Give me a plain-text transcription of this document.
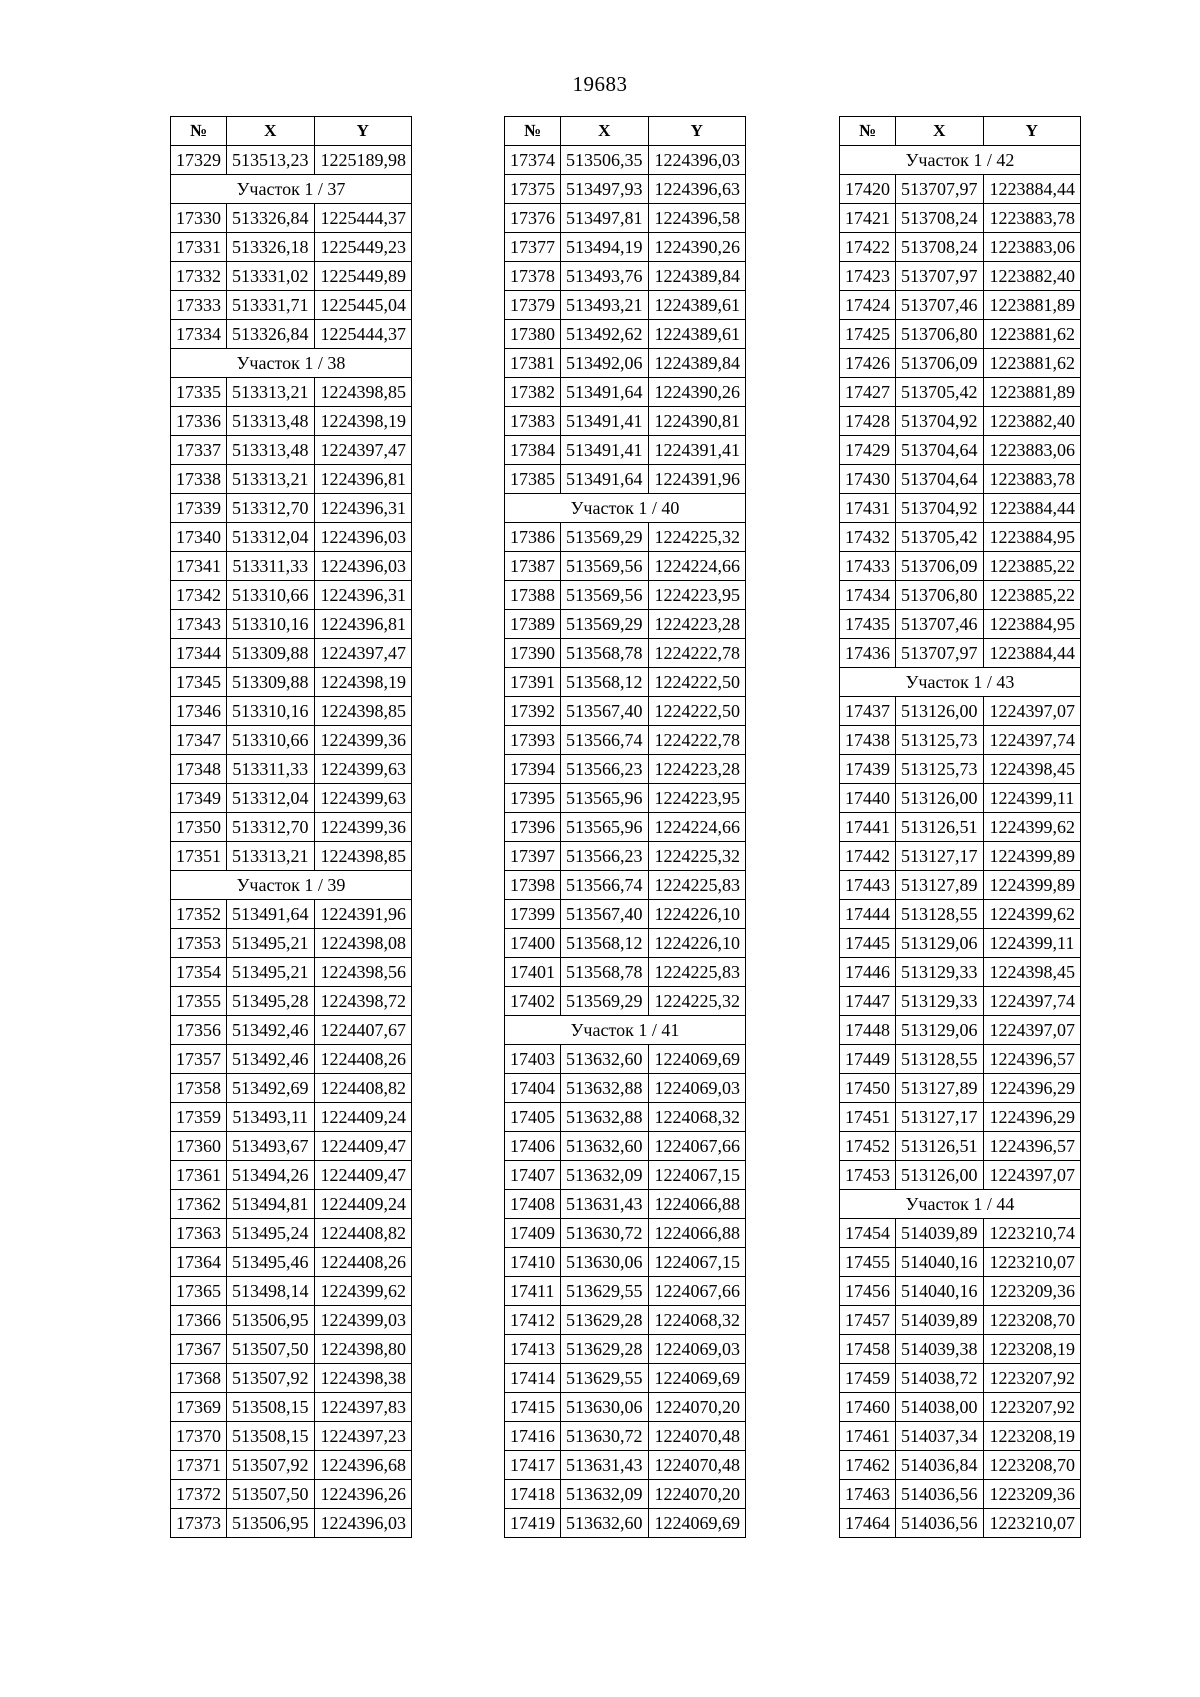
19683
№	X	Y
17329	513513,23	1225189,98
Участок 1 / 37		
17330	513326,84	1225444,37
17331	513326,18	1225449,23
17332	513331,02	1225449,89
17333	513331,71	1225445,04
17334	513326,84	1225444,37
Участок 1 / 38		
17335	513313,21	1224398,85
17336	513313,48	1224398,19
17337	513313,48	1224397,47
17338	513313,21	1224396,81
17339	513312,70	1224396,31
17340	513312,04	1224396,03
17341	513311,33	1224396,03
17342	513310,66	1224396,31
17343	513310,16	1224396,81
17344	513309,88	1224397,47
17345	513309,88	1224398,19
17346	513310,16	1224398,85
17347	513310,66	1224399,36
17348	513311,33	1224399,63
17349	513312,04	1224399,63
17350	513312,70	1224399,36
17351	513313,21	1224398,85
Участок 1 / 39		
17352	513491,64	1224391,96
17353	513495,21	1224398,08
17354	513495,21	1224398,56
17355	513495,28	1224398,72
17356	513492,46	1224407,67
17357	513492,46	1224408,26
17358	513492,69	1224408,82
17359	513493,11	1224409,24
17360	513493,67	1224409,47
17361	513494,26	1224409,47
17362	513494,81	1224409,24
17363	513495,24	1224408,82
17364	513495,46	1224408,26
17365	513498,14	1224399,62
17366	513506,95	1224399,03
17367	513507,50	1224398,80
17368	513507,92	1224398,38
17369	513508,15	1224397,83
17370	513508,15	1224397,23
17371	513507,92	1224396,68
17372	513507,50	1224396,26
17373	513506,95	1224396,03
№	X	Y
17374	513506,35	1224396,03
17375	513497,93	1224396,63
17376	513497,81	1224396,58
17377	513494,19	1224390,26
17378	513493,76	1224389,84
17379	513493,21	1224389,61
17380	513492,62	1224389,61
17381	513492,06	1224389,84
17382	513491,64	1224390,26
17383	513491,41	1224390,81
17384	513491,41	1224391,41
17385	513491,64	1224391,96
Участок 1 / 40		
17386	513569,29	1224225,32
17387	513569,56	1224224,66
17388	513569,56	1224223,95
17389	513569,29	1224223,28
17390	513568,78	1224222,78
17391	513568,12	1224222,50
17392	513567,40	1224222,50
17393	513566,74	1224222,78
17394	513566,23	1224223,28
17395	513565,96	1224223,95
17396	513565,96	1224224,66
17397	513566,23	1224225,32
17398	513566,74	1224225,83
17399	513567,40	1224226,10
17400	513568,12	1224226,10
17401	513568,78	1224225,83
17402	513569,29	1224225,32
Участок 1 / 41		
17403	513632,60	1224069,69
17404	513632,88	1224069,03
17405	513632,88	1224068,32
17406	513632,60	1224067,66
17407	513632,09	1224067,15
17408	513631,43	1224066,88
17409	513630,72	1224066,88
17410	513630,06	1224067,15
17411	513629,55	1224067,66
17412	513629,28	1224068,32
17413	513629,28	1224069,03
17414	513629,55	1224069,69
17415	513630,06	1224070,20
17416	513630,72	1224070,48
17417	513631,43	1224070,48
17418	513632,09	1224070,20
17419	513632,60	1224069,69
№	X	Y
Участок 1 / 42		
17420	513707,97	1223884,44
17421	513708,24	1223883,78
17422	513708,24	1223883,06
17423	513707,97	1223882,40
17424	513707,46	1223881,89
17425	513706,80	1223881,62
17426	513706,09	1223881,62
17427	513705,42	1223881,89
17428	513704,92	1223882,40
17429	513704,64	1223883,06
17430	513704,64	1223883,78
17431	513704,92	1223884,44
17432	513705,42	1223884,95
17433	513706,09	1223885,22
17434	513706,80	1223885,22
17435	513707,46	1223884,95
17436	513707,97	1223884,44
Участок 1 / 43		
17437	513126,00	1224397,07
17438	513125,73	1224397,74
17439	513125,73	1224398,45
17440	513126,00	1224399,11
17441	513126,51	1224399,62
17442	513127,17	1224399,89
17443	513127,89	1224399,89
17444	513128,55	1224399,62
17445	513129,06	1224399,11
17446	513129,33	1224398,45
17447	513129,33	1224397,74
17448	513129,06	1224397,07
17449	513128,55	1224396,57
17450	513127,89	1224396,29
17451	513127,17	1224396,29
17452	513126,51	1224396,57
17453	513126,00	1224397,07
Участок 1 / 44		
17454	514039,89	1223210,74
17455	514040,16	1223210,07
17456	514040,16	1223209,36
17457	514039,89	1223208,70
17458	514039,38	1223208,19
17459	514038,72	1223207,92
17460	514038,00	1223207,92
17461	514037,34	1223208,19
17462	514036,84	1223208,70
17463	514036,56	1223209,36
17464	514036,56	1223210,07
